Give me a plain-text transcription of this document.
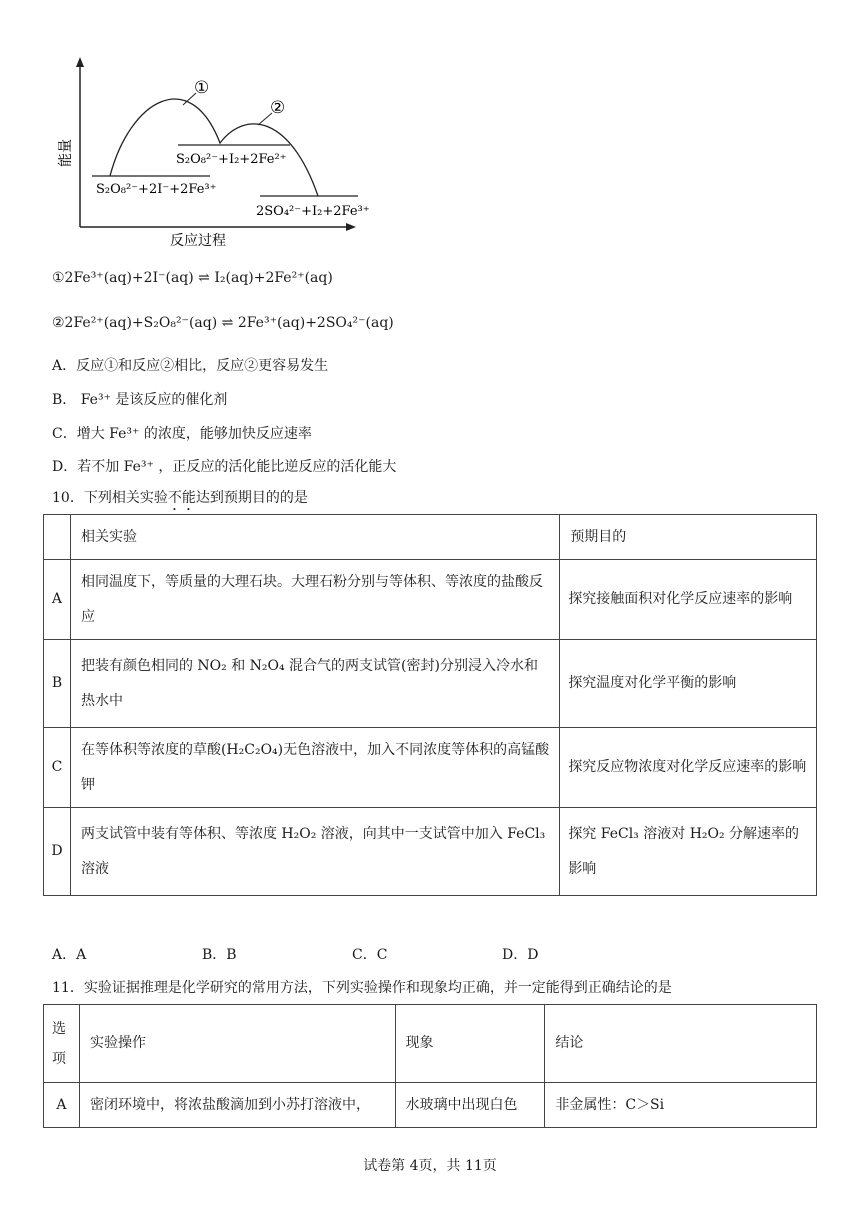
①
②
S₂O₈²⁻+2I⁻+2Fe³⁺
S₂O₈²⁻+I₂+2Fe²⁺
2SO₄²⁻+I₂+2Fe³⁺
反应过程
能量
①2Fe³⁺(aq)+2I⁻(aq) ⇌ I₂(aq)+2Fe²⁺(aq)
②2Fe²⁺(aq)+S₂O₈²⁻(aq) ⇌ 2Fe³⁺(aq)+2SO₄²⁻(aq)
A．反应①和反应②相比，反应②更容易发生
B． Fe³⁺ 是该反应的催化剂
C．增大 Fe³⁺ 的浓度，能够加快反应速率
D．若不加 Fe³⁺ ，正反应的活化能比逆反应的活化能大
10．下列相关实验不能达到预期目的的是
	相关实验	预期目的
A	相同温度下，等质量的大理石块。大理石粉分别与等体积、等浓度的盐酸反应	探究接触面积对化学反应速率的影响
B	把装有颜色相同的 NO₂ 和 N₂O₄ 混合气的两支试管(密封)分别浸入冷水和热水中	探究温度对化学平衡的影响
C	在等体积等浓度的草酸(H₂C₂O₄)无色溶液中，加入不同浓度等体积的高锰酸钾	探究反应物浓度对化学反应速率的影响
D	两支试管中装有等体积、等浓度 H₂O₂ 溶液，向其中一支试管中加入 FeCl₃ 溶液	探究 FeCl₃ 溶液对 H₂O₂ 分解速率的影响
A．A	B．B	C．C	D．D
11．实验证据推理是化学研究的常用方法，下列实验操作和现象均正确，并一定能得到正确结论的是
选项	实验操作	现象	结论
A	密闭环境中，将浓盐酸滴加到小苏打溶液中，	水玻璃中出现白色	非金属性：C＞Si
试卷第 4页，共 11页
